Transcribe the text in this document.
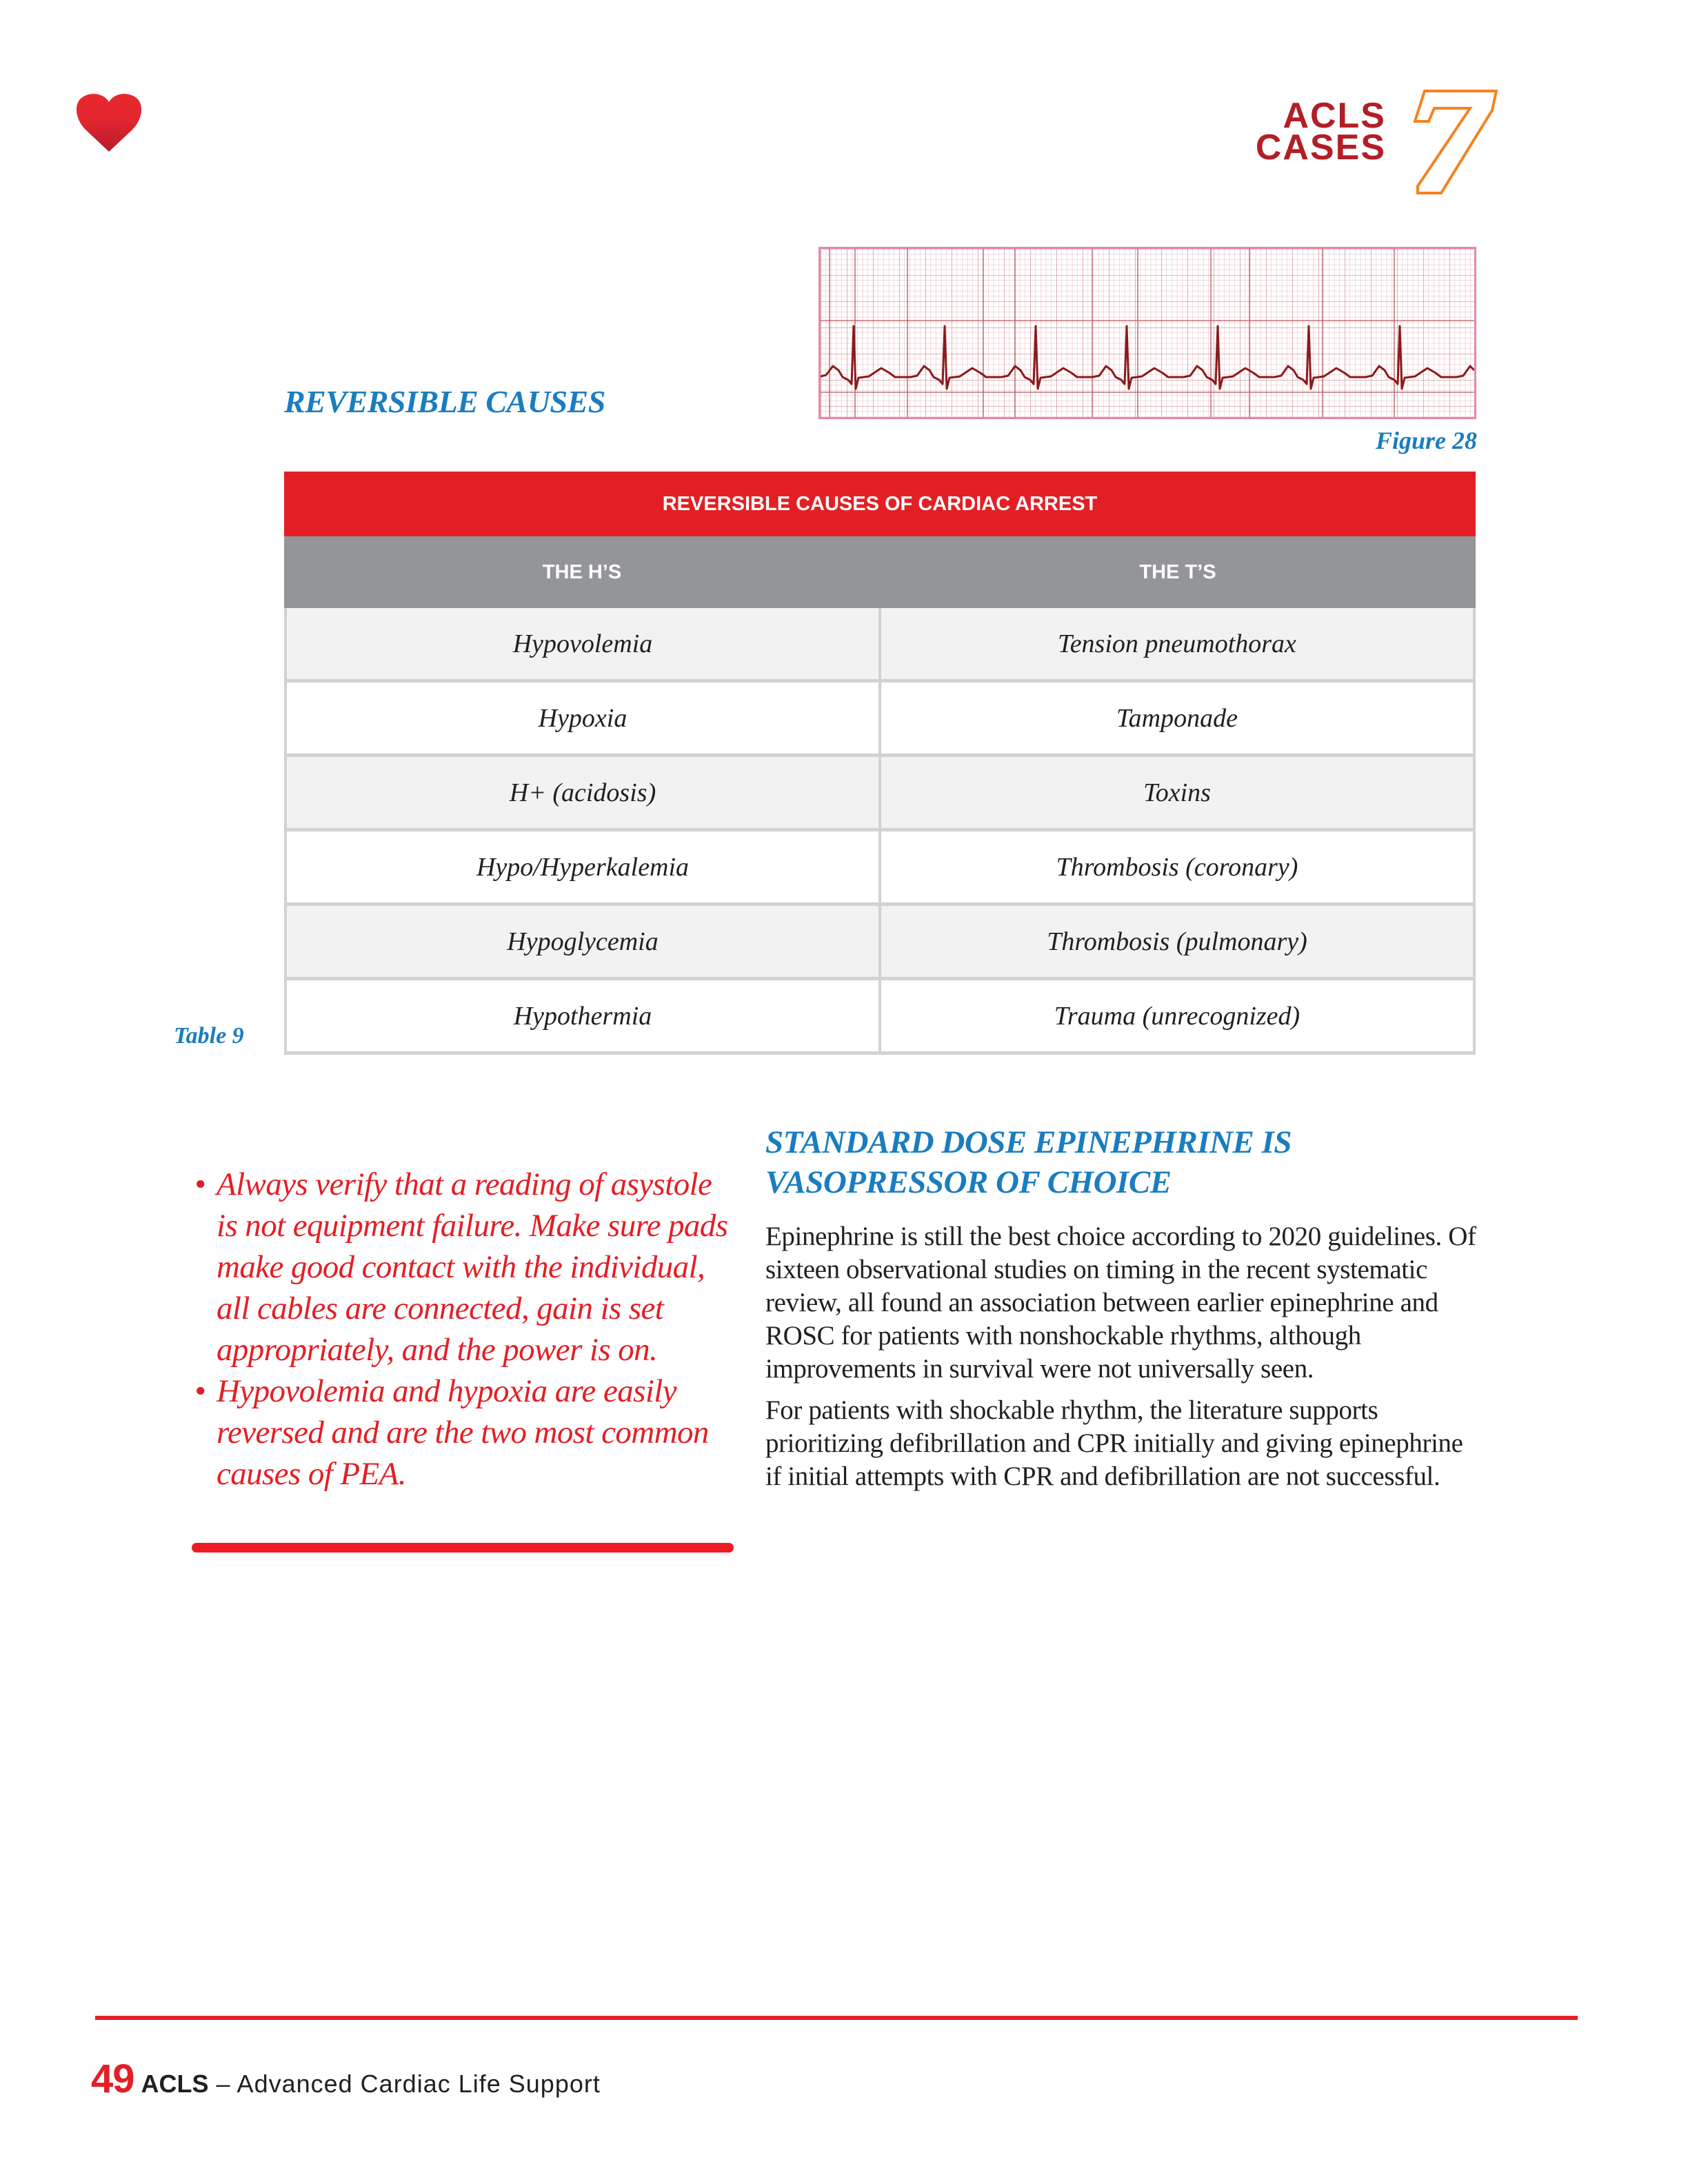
ACLS
CASES
REVERSIBLE CAUSES
Figure 28
REVERSIBLE CAUSES OF CARDIAC ARREST
THE H’S	THE T’S
Hypovolemia	Tension pneumothorax
Hypoxia	Tamponade
H+ (acidosis)	Toxins
Hypo/Hyperkalemia	Thrombosis (coronary)
Hypoglycemia	Thrombosis (pulmonary)
Hypothermia	Trauma (unrecognized)
Table 9
• Always verify that a reading of asystole is not equipment failure. Make sure pads make good contact with the individual, all cables are connected, gain is set appropriately, and the power is on.
• Hypovolemia and hypoxia are easily reversed and are the two most common causes of PEA.
STANDARD DOSE EPINEPHRINE IS VASOPRESSOR OF CHOICE

Epinephrine is still the best choice according to 2020 guidelines. Of sixteen observational studies on timing in the recent systematic review, all found an association between earlier epinephrine and ROSC for patients with nonshockable rhythms, although improvements in survival were not universally seen.

For patients with shockable rhythm, the literature supports prioritizing defibrillation and CPR initially and giving epinephrine if initial attempts with CPR and defibrillation are not successful.

49 ACLS – Advanced Cardiac Life Support
